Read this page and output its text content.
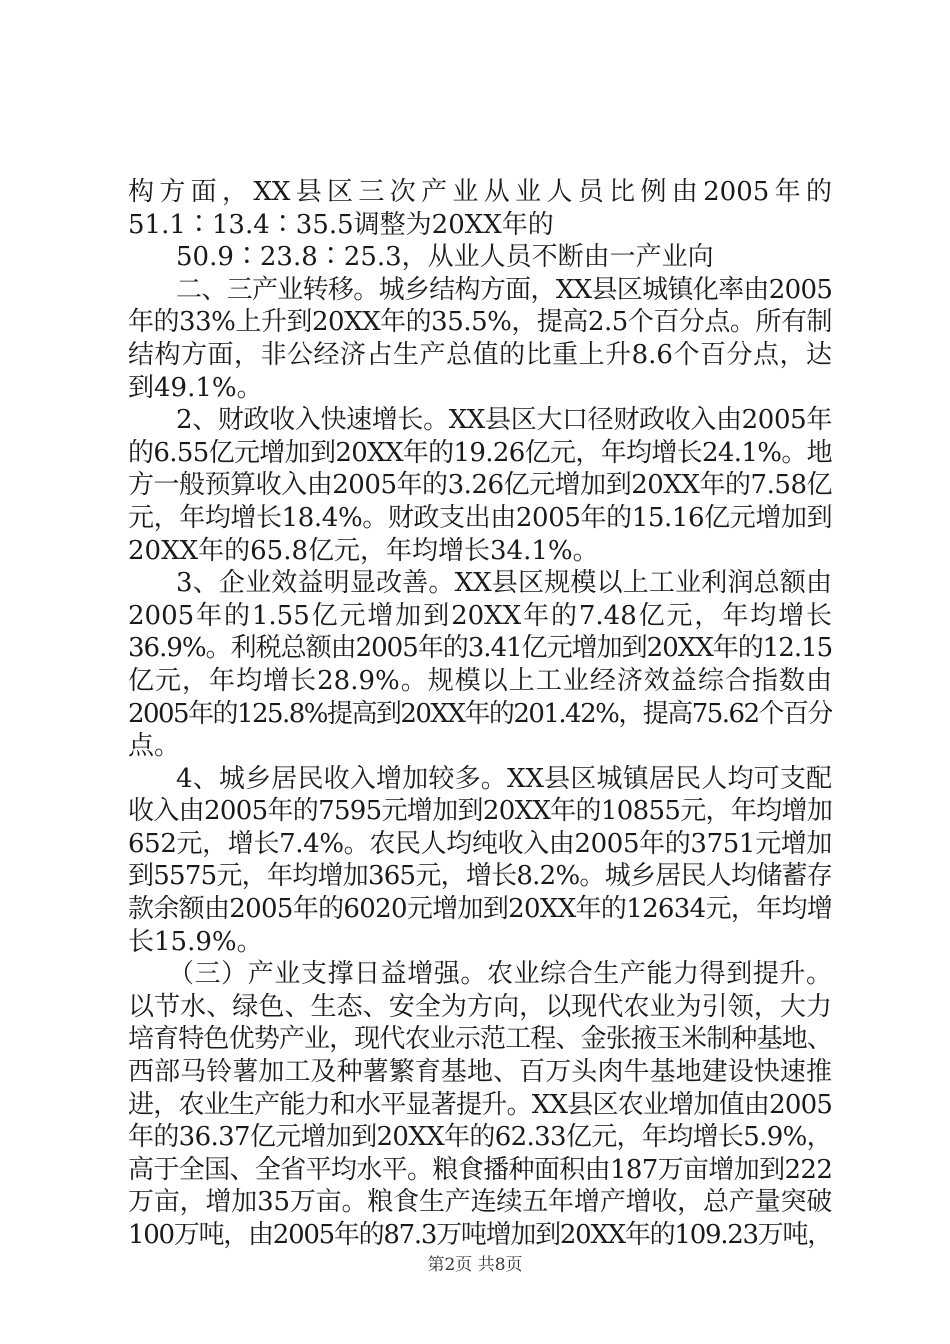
构方面，XX县区三次产业从业人员比例由2005年的
51.1∶13.4∶35.5调整为20XX年的
50.9∶23.8∶25.3，从业人员不断由一产业向
二、三产业转移。城乡结构方面，XX县区城镇化率由2005
年的33%上升到20XX年的35.5%，提高2.5个百分点。所有制
结构方面，非公经济占生产总值的比重上升8.6个百分点，达
到49.1%。
2、财政收入快速增长。XX县区大口径财政收入由2005年
的6.55亿元增加到20XX年的19.26亿元，年均增长24.1%。地
方一般预算收入由2005年的3.26亿元增加到20XX年的7.58亿
元，年均增长18.4%。财政支出由2005年的15.16亿元增加到
20XX年的65.8亿元，年均增长34.1%。
3、企业效益明显改善。XX县区规模以上工业利润总额由
2005年的1.55亿元增加到20XX年的7.48亿元，年均增长
36.9%。利税总额由2005年的3.41亿元增加到20XX年的12.15
亿元，年均增长28.9%。规模以上工业经济效益综合指数由
2005年的125.8%提高到20XX年的201.42%，提高75.62个百分
点。
4、城乡居民收入增加较多。XX县区城镇居民人均可支配
收入由2005年的7595元增加到20XX年的10855元，年均增加
652元，增长7.4%。农民人均纯收入由2005年的3751元增加
到5575元，年均增加365元，增长8.2%。城乡居民人均储蓄存
款余额由2005年的6020元增加到20XX年的12634元，年均增
长15.9%。
（三）产业支撑日益增强。农业综合生产能力得到提升。
以节水、绿色、生态、安全为方向，以现代农业为引领，大力
培育特色优势产业，现代农业示范工程、金张掖玉米制种基地、
西部马铃薯加工及种薯繁育基地、百万头肉牛基地建设快速推
进，农业生产能力和水平显著提升。XX县区农业增加值由2005
年的36.37亿元增加到20XX年的62.33亿元，年均增长5.9%，
高于全国、全省平均水平。粮食播种面积由187万亩增加到222
万亩，增加35万亩。粮食生产连续五年增产增收，总产量突破
100万吨，由2005年的87.3万吨增加到20XX年的109.23万吨，
第2页 共8页
